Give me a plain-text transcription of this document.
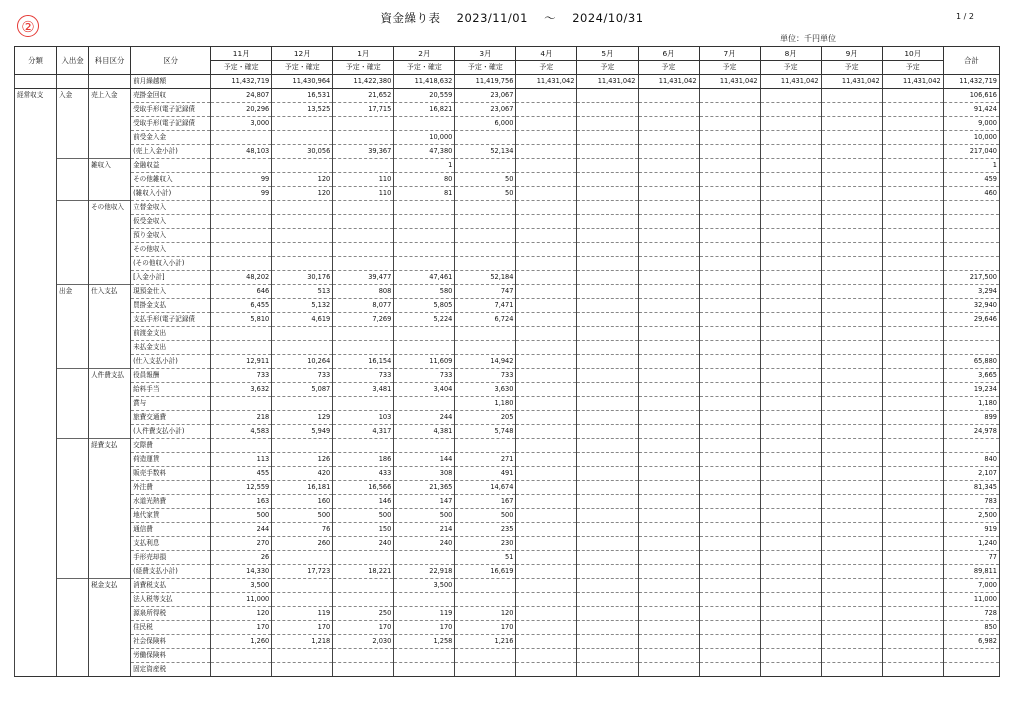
②	資金繰り表 2023/11/01 ～ 2024/10/31	1 / 2
単位：千円単位
分類	入出金	科目区分	区分	11月	12月	1月	2月	3月	4月	5月	6月	7月	8月	9月	10月	合計
				予定・確定	予定・確定	予定・確定	予定・確定	予定・確定	予定	予定	予定	予定	予定	予定	予定	
			前月繰越額	11,432,719	11,430,964	11,422,380	11,418,632	11,419,756	11,431,042	11,431,042	11,431,042	11,431,042	11,431,042	11,431,042	11,431,042	11,432,719
経常収支	入金	売上入金	売掛金回収	24,807	16,531	21,652	20,559	23,067								106,616
			受取手形(電子記録債	20,296	13,525	17,715	16,821	23,067								91,424
			受取手形(電子記録債	3,000				6,000								9,000
			前受金入金				10,000									10,000
			(売上入金小計)	48,103	30,056	39,367	47,380	52,134								217,040
		雑収入	金融収益				1									1
			その他雑収入	99	120	110	80	50								459
			(雑収入小計)	99	120	110	81	50								460
		その他収入	立替金収入													
			仮受金収入													
			預り金収入													
			その他収入													
			(その他収入小計)													
			[入金小計]	48,202	30,176	39,477	47,461	52,184								217,500
	出金	仕入支払	現預金仕入	646	513	808	580	747								3,294
			買掛金支払	6,455	5,132	8,077	5,805	7,471								32,940
			支払手形(電子記録債	5,810	4,619	7,269	5,224	6,724								29,646
			前渡金支出													
			未払金支出													
			(仕入支払小計)	12,911	10,264	16,154	11,609	14,942								65,880
		人件費支払	役員報酬	733	733	733	733	733								3,665
			給料手当	3,632	5,087	3,481	3,404	3,630								19,234
			賞与					1,180								1,180
			旅費交通費	218	129	103	244	205								899
			(人件費支払小計)	4,583	5,949	4,317	4,381	5,748								24,978
		経費支払	交際費													
			荷造運賃	113	126	186	144	271								840
			販売手数料	455	420	433	308	491								2,107
			外注費	12,559	16,181	16,566	21,365	14,674								81,345
			水道光熱費	163	160	146	147	167								783
			地代家賃	500	500	500	500	500								2,500
			通信費	244	76	150	214	235								919
			支払利息	270	260	240	240	230								1,240
			手形売却損	26				51								77
			(経費支払小計)	14,330	17,723	18,221	22,918	16,619								89,811
		税金支払	消費税支払	3,500			3,500									7,000
			法人税等支払	11,000												11,000
			源泉所得税	120	119	250	119	120								728
			住民税	170	170	170	170	170								850
			社会保険料	1,260	1,218	2,030	1,258	1,216								6,982
			労働保険料													
			固定資産税													
